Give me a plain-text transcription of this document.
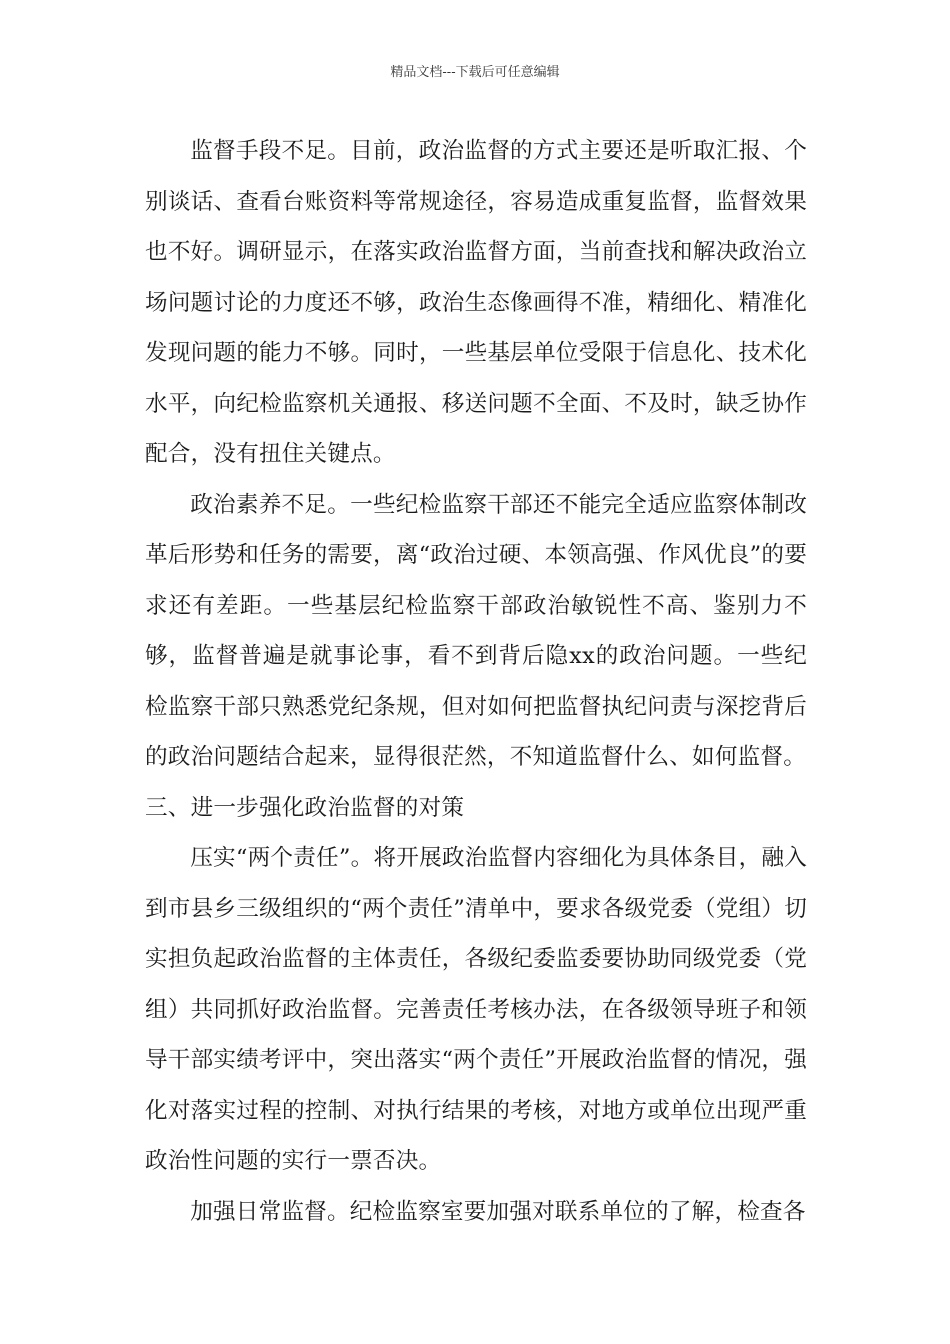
精品文档---下载后可任意编辑

监督手段不足。目前，政治监督的方式主要还是听取汇报、个别谈话、查看台账资料等常规途径，容易造成重复监督，监督效果也不好。调研显示，在落实政治监督方面，当前查找和解决政治立场问题讨论的力度还不够，政治生态像画得不准，精细化、精准化发现问题的能力不够。同时，一些基层单位受限于信息化、技术化水平，向纪检监察机关通报、移送问题不全面、不及时，缺乏协作配合，没有扭住关键点。

政治素养不足。一些纪检监察干部还不能完全适应监察体制改革后形势和任务的需要，离“政治过硬、本领高强、作风优良”的要求还有差距。一些基层纪检监察干部政治敏锐性不高、鉴别力不够，监督普遍是就事论事，看不到背后隐xx的政治问题。一些纪检监察干部只熟悉党纪条规，但对如何把监督执纪问责与深挖背后的政治问题结合起来，显得很茫然，不知道监督什么、如何监督。

三、进一步强化政治监督的对策

压实“两个责任”。将开展政治监督内容细化为具体条目，融入到市县乡三级组织的“两个责任”清单中，要求各级党委（党组）切实担负起政治监督的主体责任，各级纪委监委要协助同级党委（党组）共同抓好政治监督。完善责任考核办法，在各级领导班子和领导干部实绩考评中，突出落实“两个责任”开展政治监督的情况，强化对落实过程的控制、对执行结果的考核，对地方或单位出现严重政治性问题的实行一票否决。

加强日常监督。纪检监察室要加强对联系单位的了解，检查各
